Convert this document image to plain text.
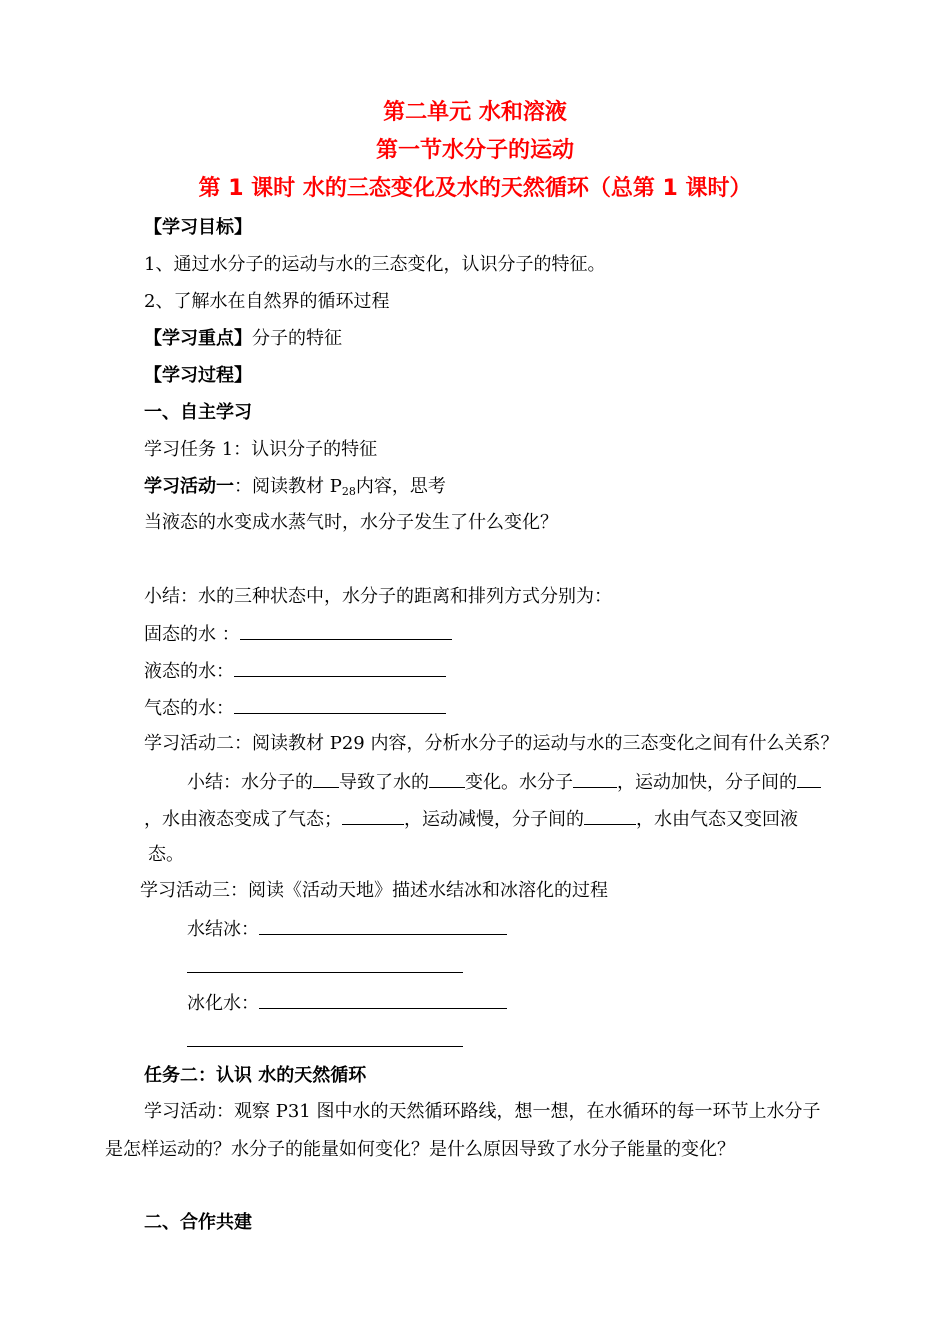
第二单元 水和溶液
第一节水分子的运动
第 1 课时 水的三态变化及水的天然循环（总第 1 课时）
【学习目标】
1、通过水分子的运动与水的三态变化，认识分子的特征。
2、了解水在自然界的循环过程
【学习重点】分子的特征
【学习过程】
一、自主学习
学习任务 1：认识分子的特征
学习活动一：阅读教材 $P_{28}$内容，思考
当液态的水变成水蒸气时，水分子发生了什么变化？
小结：水的三种状态中，水分子的距离和排列方式分别为：
固态的水 ：
液态的水：
气态的水：
学习活动二：阅读教材 P29 内容，分析水分子的运动与水的三态变化之间有什么关系？
小结：水分子的 导致了水的 变化。水分子 ，运动加快，分子间的
，水由液态变成了气态；	，运动减慢，分子间的	，水由气态又变回液
态。
学习活动三：阅读《活动天地》描述水结冰和冰溶化的过程
水结冰：
冰化水：
任务二：认识 水的天然循环
学习活动：观察 P31 图中水的天然循环路线，想一想，在水循环的每一环节上水分子
是怎样运动的？水分子的能量如何变化？是什么原因导致了水分子能量的变化？
二、合作共建
